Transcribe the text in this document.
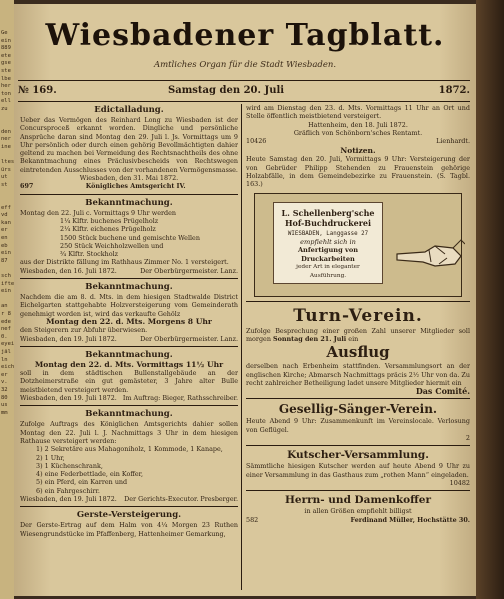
Ge
ein
889
ete
gse
ste
lbe
her
ton
ell
zu

den
ner
ine

ltes
ürs
ut
st

eff
vd
kan
er
en
eb
ein
87

sch
ifte
ein

an
r 8
ede
nef
0.
eyei
jäl
ln
eich
er
v.
32
80
us
mm
Wiesbadener Tagblatt.
Amtliches Organ für die Stadt Wiesbaden.
№ 169.	Samstag den 20. Juli	1872.
Edictalladung.
Ueber das Vermögen des Reinhard Long zu Wiesbaden ist der Concursproceß erkannt worden. Dingliche und persönliche Ansprüche daran sind Montag den 29. Juli l. Js. Vormittags um 9 Uhr persönlich oder durch einen gehörig Bevollmächtigten dahier geltend zu machen bei Vermeidung des Rechtsnachtheils des ohne Bekanntmachung eines Präclusivbescheids von Rechtswegen eintretenden Ausschlusses von der vorhandenen Vermögensmasse.
Wiesbaden, den 31. Mai 1872.
697	Königliches Amtsgericht IV.
Bekanntmachung.
Montag den 22. Juli c. Vormittags 9 Uhr werden
1¼ Klftr. buchenes Prügelholz
2¼ Klftr. eichenes Prügelholz
1500 Stück buchene und gemischte Wellen
250 Stück Weichholzwellen und
¾ Klftr. Stockholz
aus der Distrikte fällung im Rathhaus Zimmer No. 1 versteigert.
Wiesbaden, den 16. Juli 1872.	Der Oberbürgermeister. Lanz.
Bekanntmachung.
Nachdem die am 8. d. Mts. in dem hiesigen Stadtwalde District Eichelgarten stattgehabte Holzversteigerung vom Gemeinderath genehmigt worden ist, wird das verkaufte Gehölz
Montag den 22. d. Mts. Morgens 8 Uhr
den Steigerern zur Abfuhr überwiesen.
Wiesbaden, den 19. Juli 1872.	Der Oberbürgermeister. Lanz.
Bekanntmachung.
Montag den 22. d. Mts. Vormittags 11½ Uhr
soll in dem städtischen Bullenstallgebäude an der Dotzheimerstraße ein gut gemästeter, 3 Jahre alter Bulle meistbietend versteigert werden.
Wiesbaden, den 19. Juli 1872. Im Auftrag: Bieger, Rathsschreiber.
Bekanntmachung.
Zufolge Auftrags des Königlichen Amtsgerichts dahier sollen Montag den 22. Juli l. J. Nachmittags 3 Uhr in dem hiesigen Rathause versteigert werden:
1) 2 Sekretäre aus Mahagoniholz, 1 Kommode, 1 Kanape,
2) 1 Uhr,
3) 1 Küchenschrank,
4) eine Federbettlade, ein Koffer,
5) ein Pferd, ein Karren und
6) ein Fahrgeschirr.
Wiesbaden, den 19. Juli 1872. Der Gerichts-Executor. Presberger.
Gerste-Versteigerung.
Der Gerste-Ertrag auf dem Halm von 4¼ Morgen 23 Ruthen Wiesengrundstücke im Pfaffenberg, Hattenheimer Gemarkung,
wird am Dienstag den 23. d. Mts. Vormittags 11 Uhr an Ort und Stelle öffentlich meistbietend versteigert.
Hattenheim, den 18. Juli 1872.
Gräflich von Schönborn'sches Rentamt.
10426	Lienhardt.
Notizen.
Heute Samstag den 20. Juli, Vormittags 9 Uhr: Versteigerung der von Gebrüder Philipp Stehenden zu Frauenstein gehörige Holzabfälle, in dem Gemeindebezirke zu Frauenstein. (S. Tagbl. 163.)
L. Schellenberg'sche
Hof-Buchdruckerei
WIESBADEN, Langgasse 27
empfiehlt sich in
Anfertigung von Druckarbeiten
jeder Art in eleganter Ausführung.
Turn-Verein.
Zufolge Besprechung einer großen Zahl unserer Mitglieder soll morgen Sonntag den 21. Juli ein
Ausflug
derselben nach Erbenheim stattfinden. Versammlungsort an der englischen Kirche; Abmarsch Nachmittags präcis 2½ Uhr von da. Zu recht zahlreicher Betheiligung ladet unsere Mitglieder hiermit ein
Das Comité.
Gesellig-Sänger-Verein.
Heute Abend 9 Uhr: Zusammenkunft im Vereinslocale. Verlosung von Geflügel.
2
Kutscher-Versammlung.
Sämmtliche hiesigen Kutscher werden auf heute Abend 9 Uhr zu einer Versammlung in das Gasthaus zum „rothen Mann“ eingeladen.
10482
Herrn- und Damenkoffer
in allen Größen empfiehlt billigst
582	Ferdinand Müller, Hochstätte 30.
